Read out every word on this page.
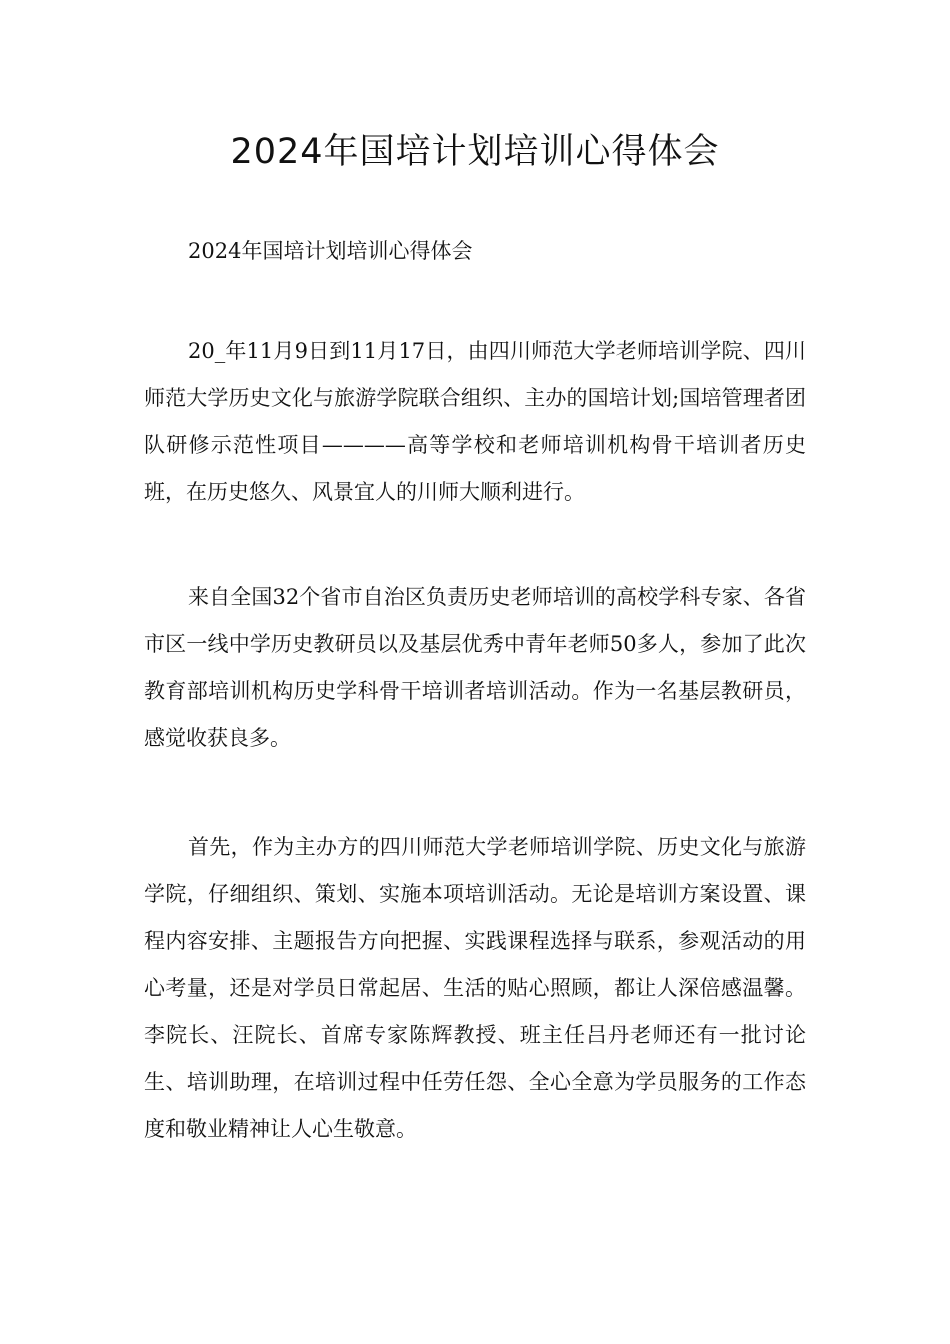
2024年国培计划培训心得体会

2024年国培计划培训心得体会

20_年11月9日到11月17日，由四川师范大学老师培训学院、四川师范大学历史文化与旅游学院联合组织、主办的国培计划;国培管理者团队研修示范性项目————高等学校和老师培训机构骨干培训者历史班，在历史悠久、风景宜人的川师大顺利进行。

来自全国32个省市自治区负责历史老师培训的高校学科专家、各省市区一线中学历史教研员以及基层优秀中青年老师50多人，参加了此次教育部培训机构历史学科骨干培训者培训活动。作为一名基层教研员，感觉收获良多。

首先，作为主办方的四川师范大学老师培训学院、历史文化与旅游学院，仔细组织、策划、实施本项培训活动。无论是培训方案设置、课程内容安排、主题报告方向把握、实践课程选择与联系，参观活动的用心考量，还是对学员日常起居、生活的贴心照顾，都让人深倍感温馨。李院长、汪院长、首席专家陈辉教授、班主任吕丹老师还有一批讨论生、培训助理，在培训过程中任劳任怨、全心全意为学员服务的工作态度和敬业精神让人心生敬意。
